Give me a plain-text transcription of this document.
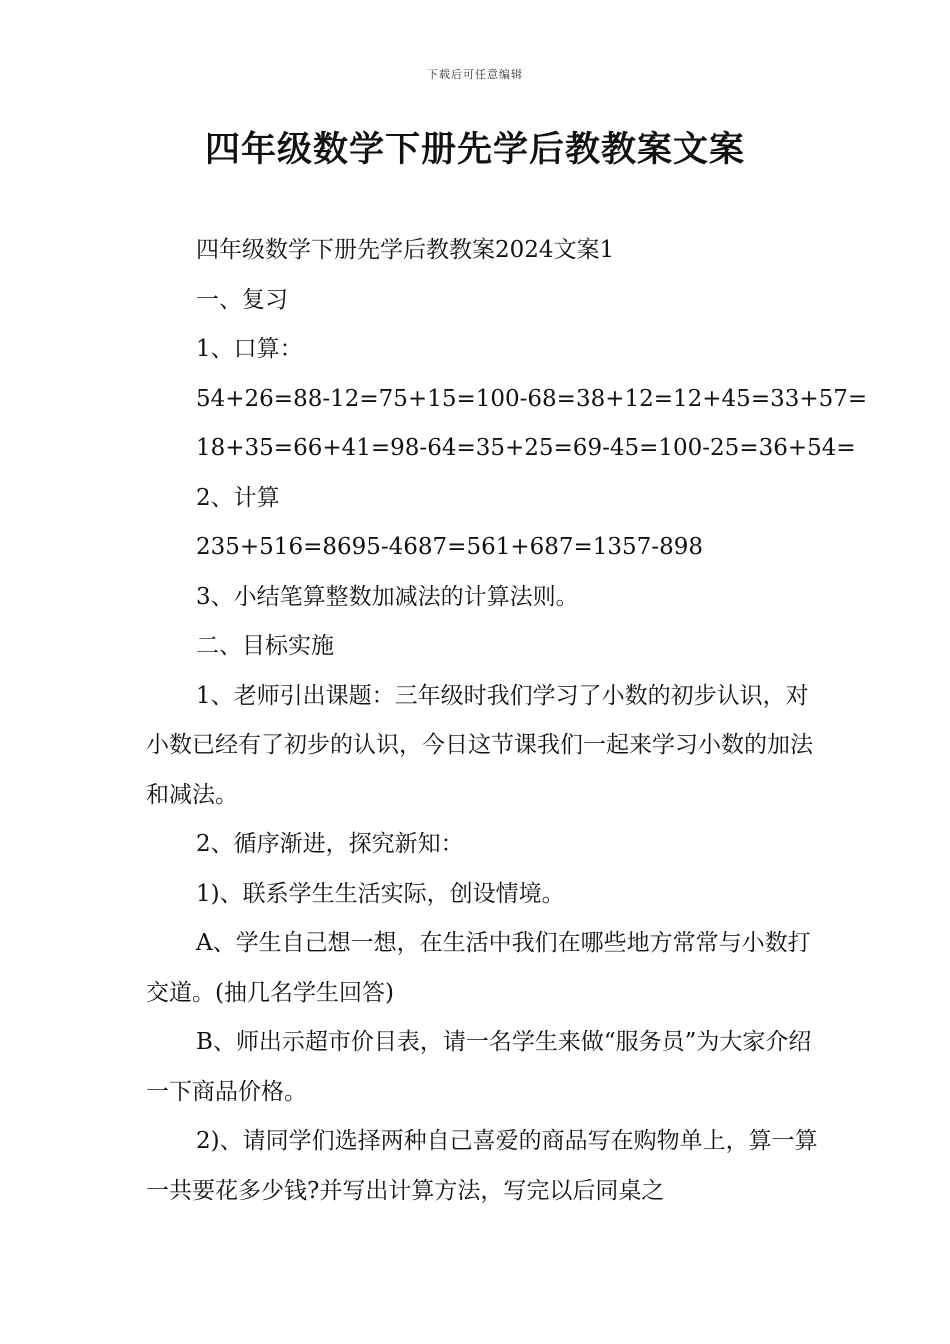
下载后可任意编辑
四年级数学下册先学后教教案文案

四年级数学下册先学后教教案2024文案1

一、复习

1、口算：

54+26=88-12=75+15=100-68=38+12=12+45=33+57=

18+35=66+41=98-64=35+25=69-45=100-25=36+54=

2、计算

235+516=8695-4687=561+687=1357-898

3、小结笔算整数加减法的计算法则。

二、目标实施

1、老师引出课题：三年级时我们学习了小数的初步认识，对小数已经有了初步的认识，今日这节课我们一起来学习小数的加法和减法。

2、循序渐进，探究新知：

1)、联系学生生活实际，创设情境。

A、学生自己想一想，在生活中我们在哪些地方常常与小数打交道。(抽几名学生回答)

B、师出示超市价目表，请一名学生来做“服务员”为大家介绍一下商品价格。

2)、请同学们选择两种自己喜爱的商品写在购物单上，算一算一共要花多少钱?并写出计算方法，写完以后同桌之
